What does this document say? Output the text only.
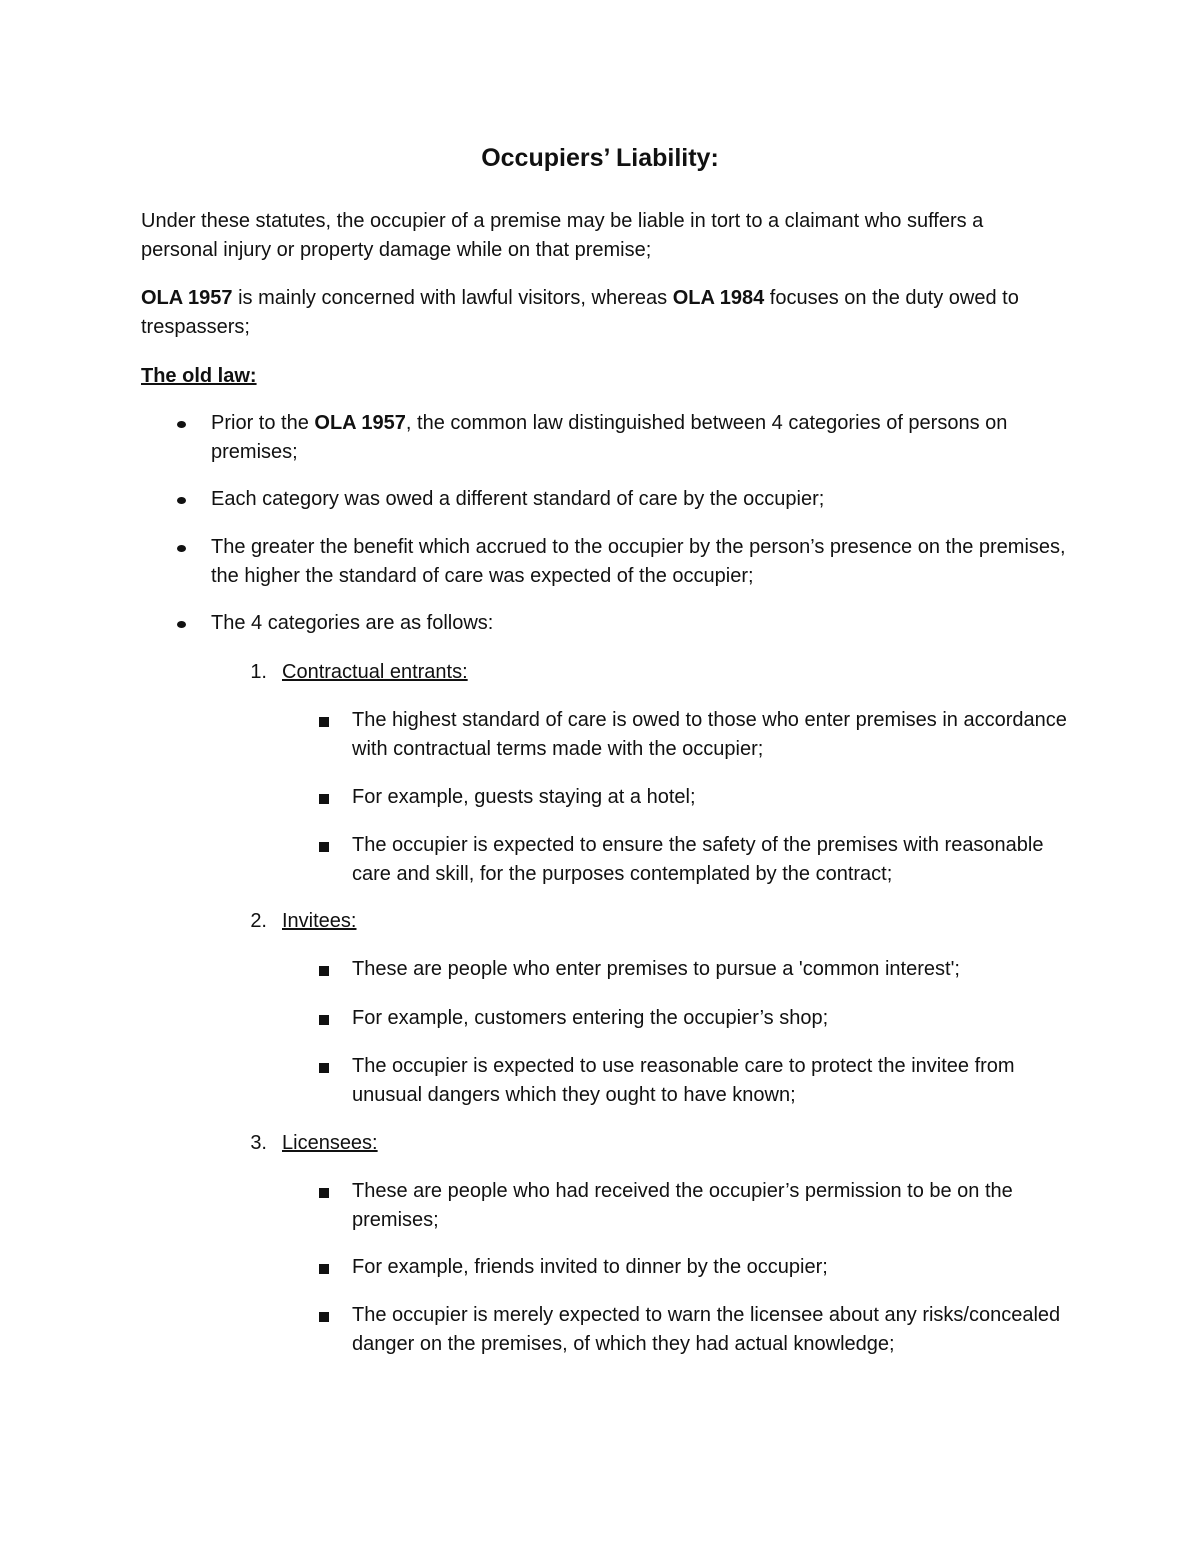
Occupiers’ Liability:

Under these statutes, the occupier of a premise may be liable in tort to a claimant who suffers a personal injury or property damage while on that premise;

OLA 1957 is mainly concerned with lawful visitors, whereas OLA 1984 focuses on the duty owed to trespassers;

The old law:

Prior to the OLA 1957, the common law distinguished between 4 categories of persons on premises;

Each category was owed a different standard of care by the occupier;

The greater the benefit which accrued to the occupier by the person’s presence on the premises, the higher the standard of care was expected of the occupier;

The 4 categories are as follows:

1. Contractual entrants:

The highest standard of care is owed to those who enter premises in accordance with contractual terms made with the occupier;

For example, guests staying at a hotel;

The occupier is expected to ensure the safety of the premises with reasonable care and skill, for the purposes contemplated by the contract;

2. Invitees:

These are people who enter premises to pursue a 'common interest';

For example, customers entering the occupier’s shop;

The occupier is expected to use reasonable care to protect the invitee from unusual dangers which they ought to have known;

3. Licensees:

These are people who had received the occupier’s permission to be on the premises;

For example, friends invited to dinner by the occupier;

The occupier is merely expected to warn the licensee about any risks/concealed danger on the premises, of which they had actual knowledge;
